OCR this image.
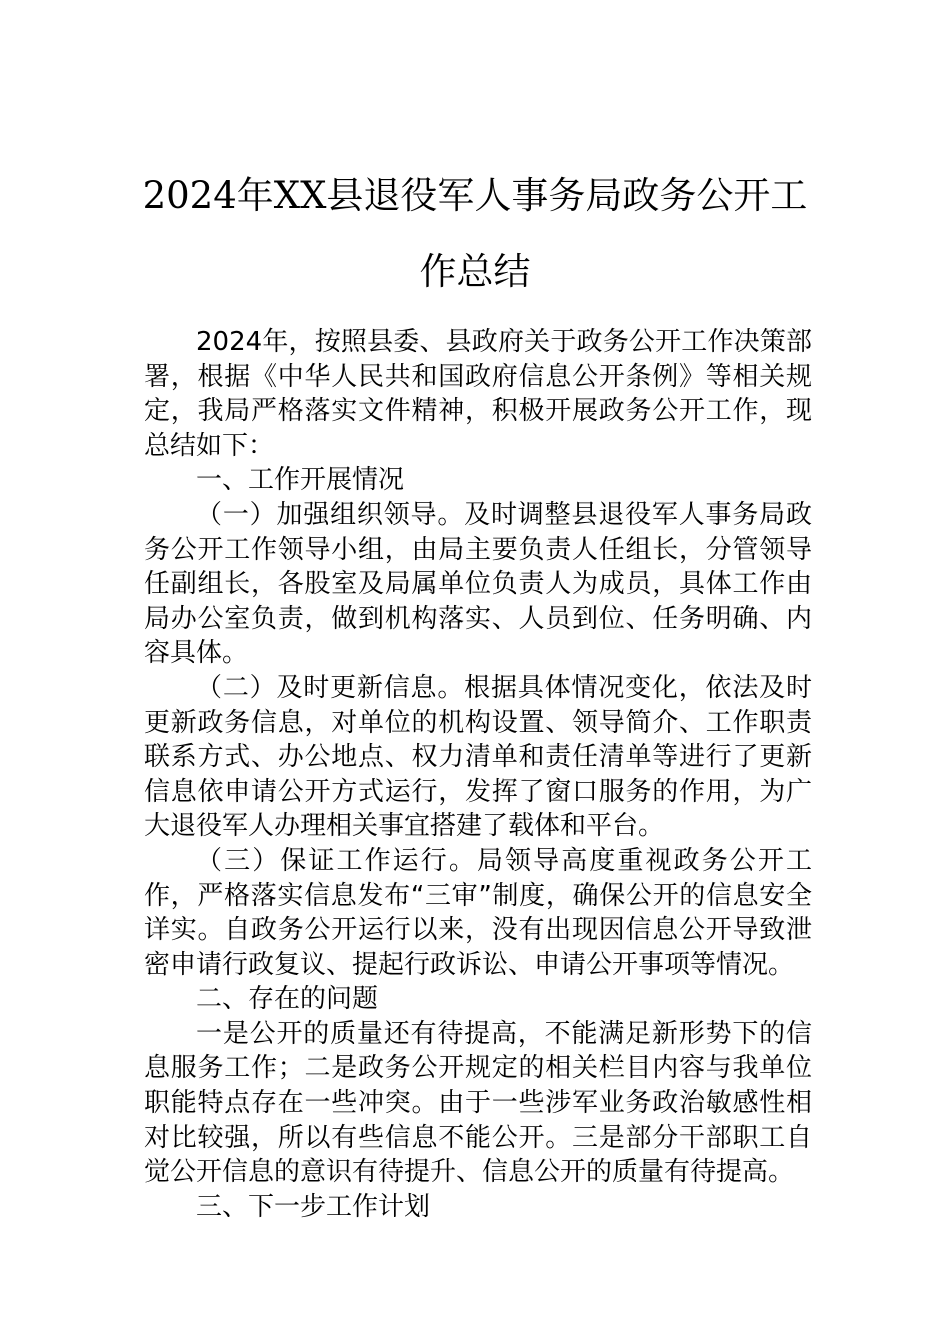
2024年XX县退役军人事务局政务公开工作总结

2024年，按照县委、县政府关于政务公开工作决策部署，根据《中华人民共和国政府信息公开条例》等相关规定，我局严格落实文件精神，积极开展政务公开工作，现总结如下：

一、工作开展情况

（一）加强组织领导。及时调整县退役军人事务局政务公开工作领导小组，由局主要负责人任组长，分管领导任副组长，各股室及局属单位负责人为成员，具体工作由局办公室负责，做到机构落实、人员到位、任务明确、内容具体。

（二）及时更新信息。根据具体情况变化，依法及时更新政务信息，对单位的机构设置、领导简介、工作职责联系方式、办公地点、权力清单和责任清单等进行了更新信息依申请公开方式运行，发挥了窗口服务的作用，为广大退役军人办理相关事宜搭建了载体和平台。

（三）保证工作运行。局领导高度重视政务公开工作，严格落实信息发布“三审”制度，确保公开的信息安全详实。自政务公开运行以来，没有出现因信息公开导致泄密申请行政复议、提起行政诉讼、申请公开事项等情况。

二、存在的问题

一是公开的质量还有待提高，不能满足新形势下的信息服务工作；二是政务公开规定的相关栏目内容与我单位职能特点存在一些冲突。由于一些涉军业务政治敏感性相对比较强，所以有些信息不能公开。三是部分干部职工自觉公开信息的意识有待提升、信息公开的质量有待提高。

三、下一步工作计划
